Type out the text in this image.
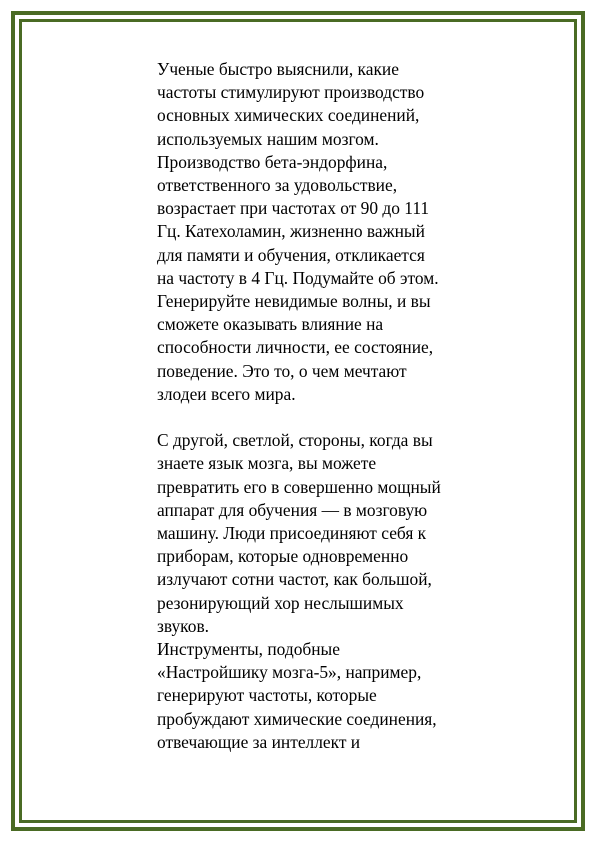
Ученые быстро выяснили, какие
частоты стимулируют производство
основных химических соединений,
используемых нашим мозгом.
Производство бета-эндорфина,
ответственного за удовольствие,
возрастает при частотах от 90 до 111
Гц. Катехоламин, жизненно важный
для памяти и обучения, откликается
на частоту в 4 Гц. Подумайте об этом.
Генерируйте невидимые волны, и вы
сможете оказывать влияние на
способности личности, ее состояние,
поведение. Это то, о чем мечтают
злодеи всего мира.
С другой, светлой, стороны, когда вы
знаете язык мозга, вы можете
превратить его в совершенно мощный
аппарат для обучения — в мозговую
машину. Люди присоединяют себя к
приборам, которые одновременно
излучают сотни частот, как большой,
резонирующий хор неслышимых
звуков.
Инструменты, подобные
«Настройшику мозга-5», например,
генерируют частоты, которые
пробуждают химические соединения,
отвечающие за интеллект и
